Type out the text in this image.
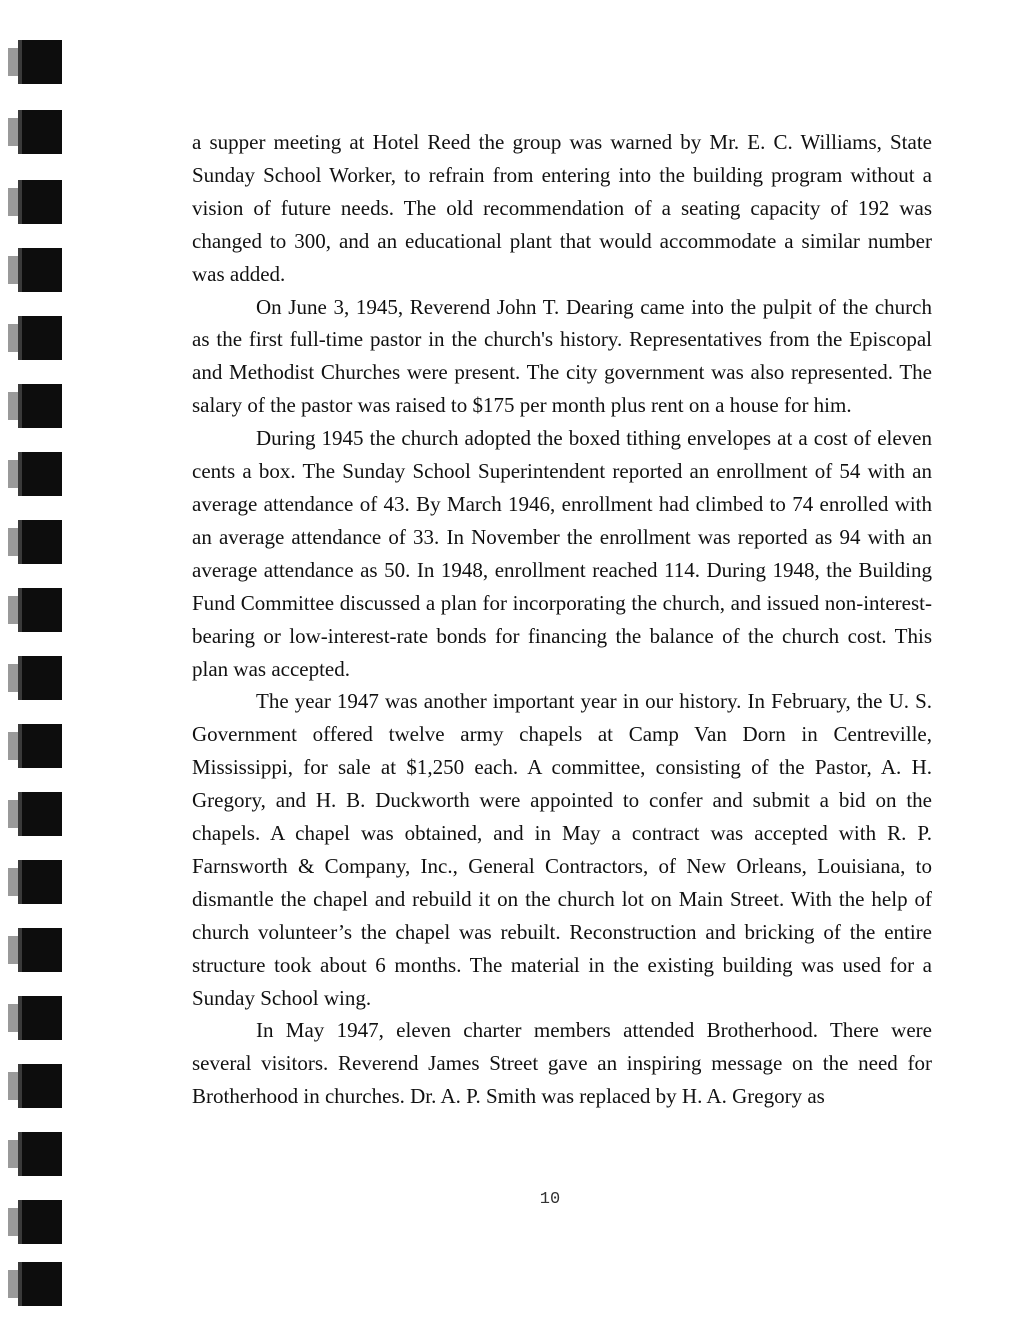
a supper meeting at Hotel Reed the group was warned by Mr. E. C. Williams, State Sunday School Worker, to refrain from entering into the building program without a vision of future needs. The old recommendation of a seating capacity of 192 was changed to 300, and an educational plant that would accommodate a similar number was added.

On June 3, 1945, Reverend John T. Dearing came into the pulpit of the church as the first full-time pastor in the church's history. Representatives from the Episcopal and Methodist Churches were present. The city government was also represented. The salary of the pastor was raised to $175 per month plus rent on a house for him.

During 1945 the church adopted the boxed tithing envelopes at a cost of eleven cents a box. The Sunday School Superintendent reported an enrollment of 54 with an average attendance of 43. By March 1946, enrollment had climbed to 74 enrolled with an average attendance of 33. In November the enrollment was reported as 94 with an average attendance as 50. In 1948, enrollment reached 114. During 1948, the Building Fund Committee discussed a plan for incorporating the church, and issued non-interest-bearing or low-interest-rate bonds for financing the balance of the church cost. This plan was accepted.

The year 1947 was another important year in our history. In February, the U. S. Government offered twelve army chapels at Camp Van Dorn in Centreville, Mississippi, for sale at $1,250 each. A committee, consisting of the Pastor, A. H. Gregory, and H. B. Duckworth were appointed to confer and submit a bid on the chapels. A chapel was obtained, and in May a contract was accepted with R. P. Farnsworth & Company, Inc., General Contractors, of New Orleans, Louisiana, to dismantle the chapel and rebuild it on the church lot on Main Street. With the help of church volunteer’s the chapel was rebuilt. Reconstruction and bricking of the entire structure took about 6 months. The material in the existing building was used for a Sunday School wing.

In May 1947, eleven charter members attended Brotherhood. There were several visitors. Reverend James Street gave an inspiring message on the need for Brotherhood in churches. Dr. A. P. Smith was replaced by H. A. Gregory as

10
